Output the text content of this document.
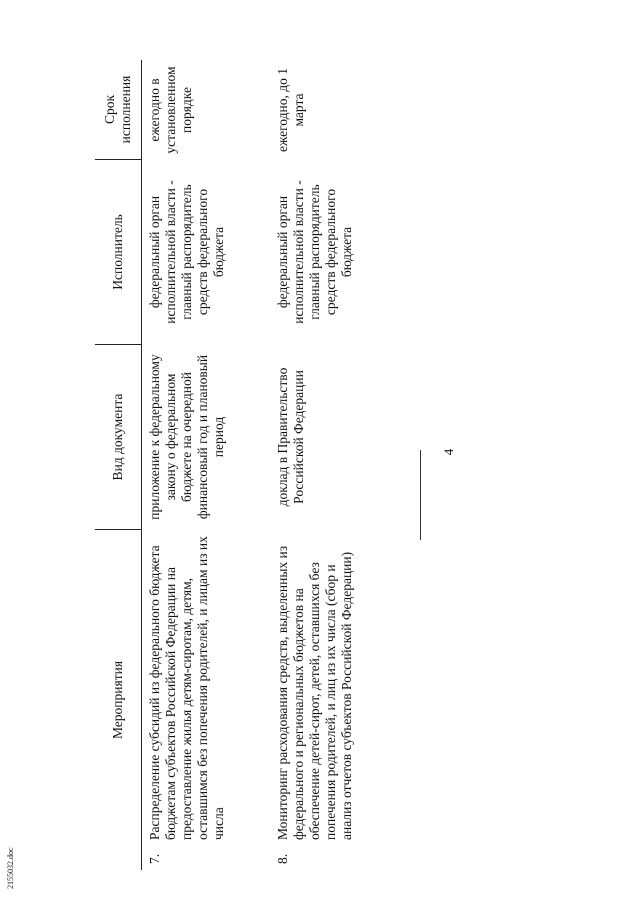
4
Мероприятия
Вид документа
Исполнитель
Срок исполнения
7.
Распределение субсидий из федерального бюджета бюджетам субъектов Российской Федерации на предоставление жилья детям-сиротам, детям, оставшимся без попечения родителей, и лицам из их числа
приложение к федеральному закону о федеральном бюджете на очередной финансовый год и плановый период
федеральный орган исполнительной власти - главный распорядитель средств федерального бюджета
ежегодно в установленном порядке
8.
Мониторинг расходования средств, выделенных из федерального и региональных бюджетов на обеспечение детей-сирот, детей, оставшихся без попечения родителей, и лиц из их числа (сбор и анализ отчетов субъектов Российской Федерации)
доклад в Правительство Российской Федерации
федеральный орган исполнительной власти - главный распорядитель средств федерального бюджета
ежегодно, до 1 марта
2155032.doc
